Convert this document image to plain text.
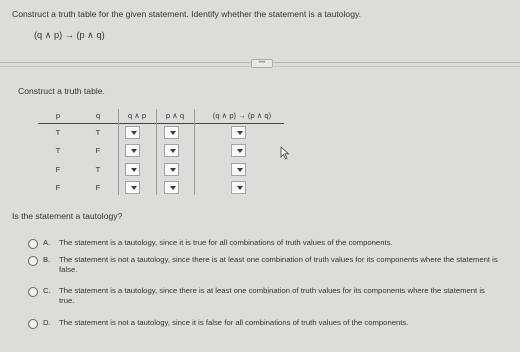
Construct a truth table for the given statement. Identify whether the statement is a tautology.
(q ∧ p) → (p ∧ q)
•••
Construct a truth table.
p	q	q ∧ p	p ∧ q	(q ∧ p) → (p ∧ q)
T	T
T	F
F	T
F	F
Is the statement a tautology?
A. The statement is a tautology, since it is true for all combinations of truth values of the components.
B. The statement is not a tautology, since there is at least one combination of truth values for its components where the statement is false.
C. The statement is a tautology, since there is at least one combination of truth values for its components where the statement is true.
D. The statement is not a tautology, since it is false for all combinations of truth values of the components.
